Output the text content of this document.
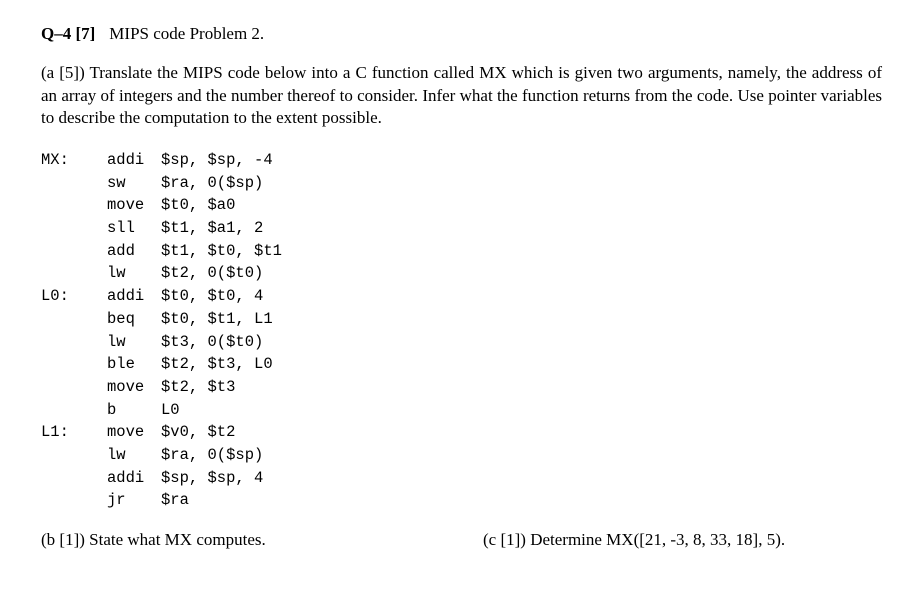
Q–4 [7] MIPS code Problem 2.
(a [5]) Translate the MIPS code below into a C function called MX which is given two arguments, namely, the address of an array of integers and the number thereof to consider. Infer what the function returns from the code. Use pointer variables to describe the computation to the extent possible.
MX: addi $sp, $sp, -4
sw $ra, 0($sp)
move $t0, $a0
sll $t1, $a1, 2
add $t1, $t0, $t1
lw $t2, 0($t0)
L0: addi $t0, $t0, 4
beq $t0, $t1, L1
lw $t3, 0($t0)
ble $t2, $t3, L0
move $t2, $t3
b	L0
L1: move $v0, $t2
lw $ra, 0($sp)
addi $sp, $sp, 4
jr $ra
(b [1]) State what MX computes.	(c [1]) Determine MX([21, -3, 8, 33, 18], 5).
